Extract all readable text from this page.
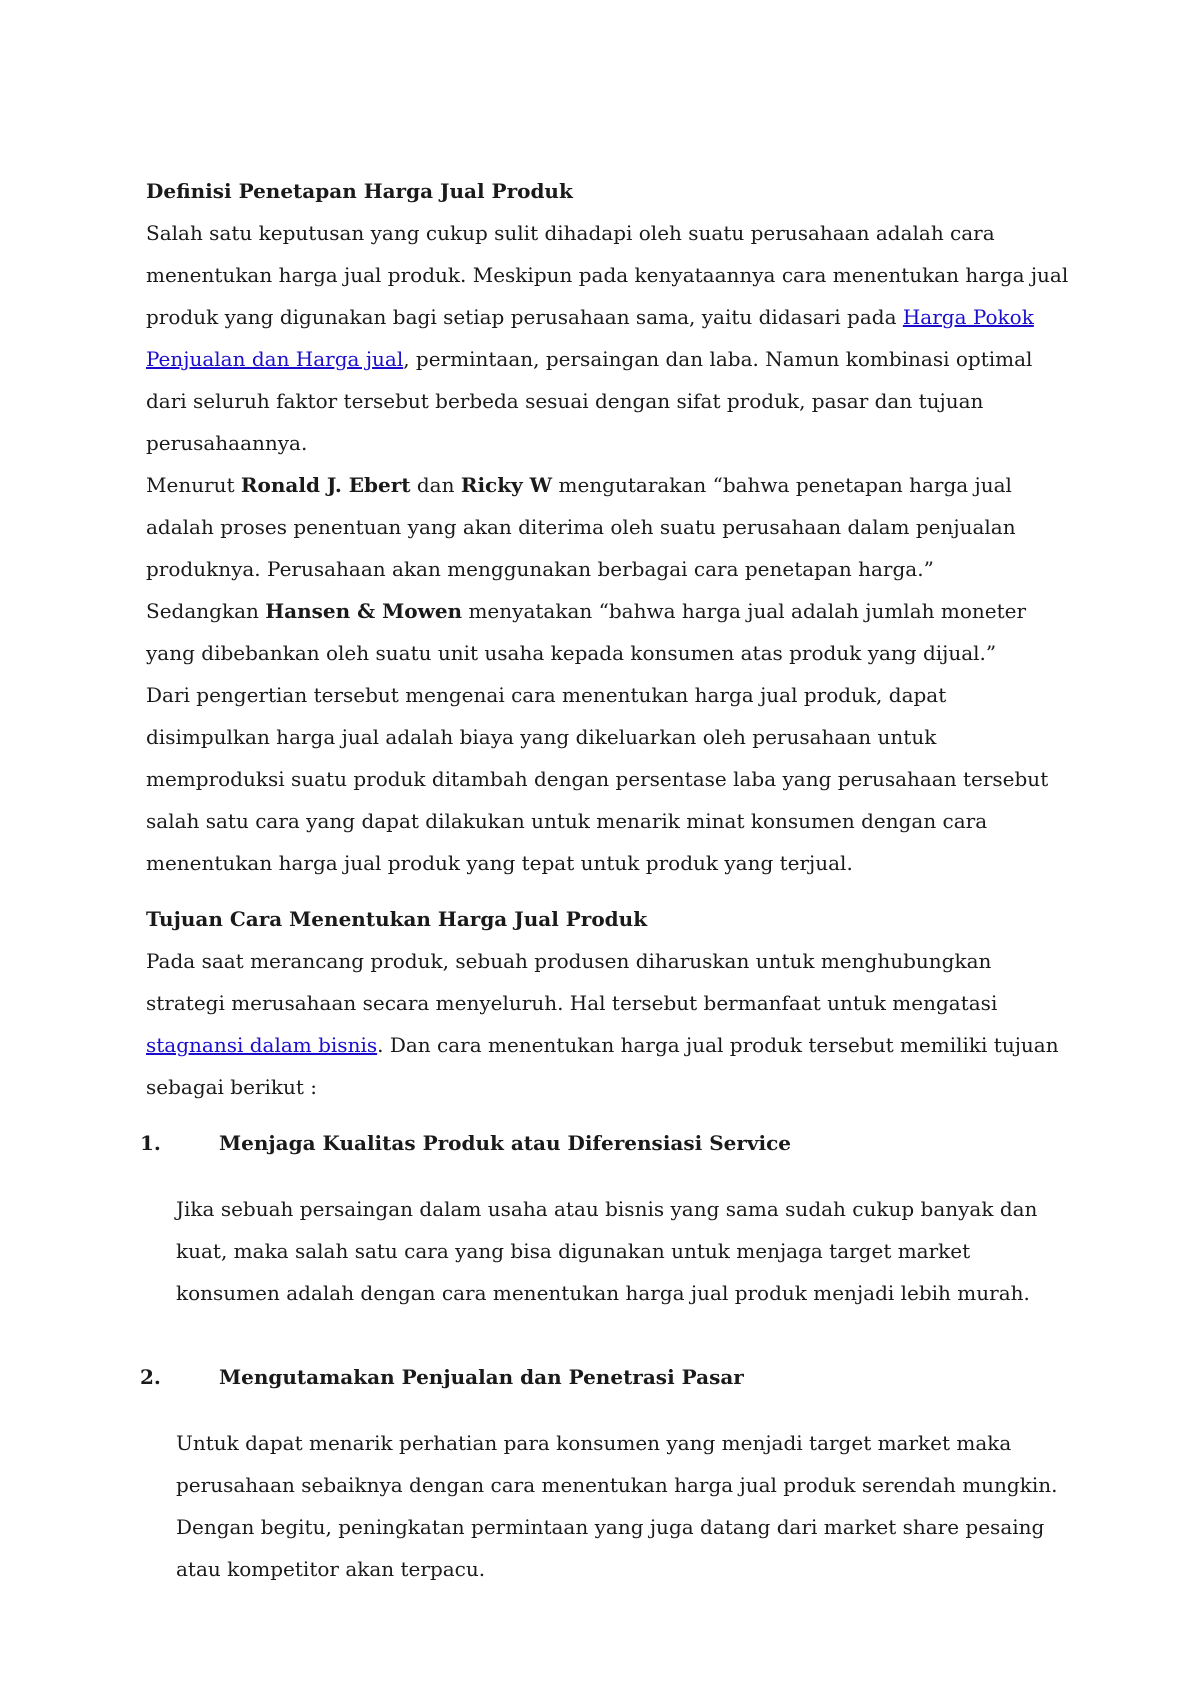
Definisi Penetapan Harga Jual Produk

Salah satu keputusan yang cukup sulit dihadapi oleh suatu perusahaan adalah cara menentukan harga jual produk. Meskipun pada kenyataannya cara menentukan harga jual produk yang digunakan bagi setiap perusahaan sama, yaitu didasari pada Harga Pokok Penjualan dan Harga jual, permintaan, persaingan dan laba. Namun kombinasi optimal dari seluruh faktor tersebut berbeda sesuai dengan sifat produk, pasar dan tujuan perusahaannya.

Menurut Ronald J. Ebert dan Ricky W mengutarakan “bahwa penetapan harga jual adalah proses penentuan yang akan diterima oleh suatu perusahaan dalam penjualan produknya. Perusahaan akan menggunakan berbagai cara penetapan harga.”

Sedangkan Hansen & Mowen menyatakan “bahwa harga jual adalah jumlah moneter yang dibebankan oleh suatu unit usaha kepada konsumen atas produk yang dijual.”

Dari pengertian tersebut mengenai cara menentukan harga jual produk, dapat disimpulkan harga jual adalah biaya yang dikeluarkan oleh perusahaan untuk memproduksi suatu produk ditambah dengan persentase laba yang perusahaan tersebut salah satu cara yang dapat dilakukan untuk menarik minat konsumen dengan cara menentukan harga jual produk yang tepat untuk produk yang terjual.

Tujuan Cara Menentukan Harga Jual Produk

Pada saat merancang produk, sebuah produsen diharuskan untuk menghubungkan strategi merusahaan secara menyeluruh. Hal tersebut bermanfaat untuk mengatasi stagnansi dalam bisnis. Dan cara menentukan harga jual produk tersebut memiliki tujuan sebagai berikut :

1.	Menjaga Kualitas Produk atau Diferensiasi Service

Jika sebuah persaingan dalam usaha atau bisnis yang sama sudah cukup banyak dan kuat, maka salah satu cara yang bisa digunakan untuk menjaga target market konsumen adalah dengan cara menentukan harga jual produk menjadi lebih murah.

2.	Mengutamakan Penjualan dan Penetrasi Pasar

Untuk dapat menarik perhatian para konsumen yang menjadi target market maka perusahaan sebaiknya dengan cara menentukan harga jual produk serendah mungkin. Dengan begitu, peningkatan permintaan yang juga datang dari market share pesaing atau kompetitor akan terpacu.
